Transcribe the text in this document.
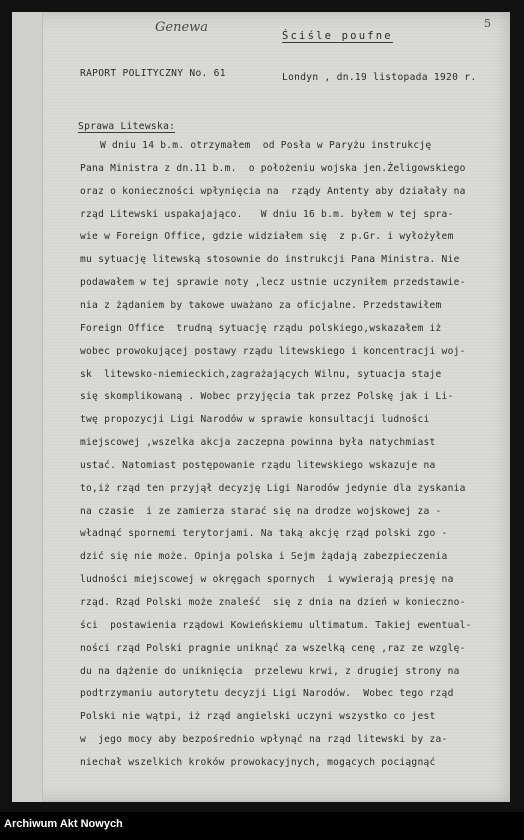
Genewa
Ściśle poufne
5
RAPORT POLITYCZNY No. 61	Londyn , dn.19 listopada 1920 r.
Sprawa Litewska:
W dniu 14 b.m. otrzymałem  od Posła w Paryżu instrukcję
Pana Ministra z dn.11 b.m.  o położeniu wojska jen.Żeligowskiego
oraz o konieczności wpłynięcia na  rządy Antenty aby działały na
rząd Litewski uspakajająco.   W dniu 16 b.m. byłem w tej spra-
wie w Foreign Office, gdzie widziałem się  z p.Gr. i wyłożyłem
mu sytuację litewską stosownie do instrukcji Pana Ministra. Nie
podawałem w tej sprawie noty ,lecz ustnie uczyniłem przedstawie-
nia z żądaniem by takowe uważano za oficjalne. Przedstawiłem
Foreign Office  trudną sytuację rządu polskiego,wskazałem iż
wobec prowokującej postawy rządu litewskiego i koncentracji woj-
sk  litewsko-niemieckich,zagrażających Wilnu, sytuacja staje
się skomplikowaną . Wobec przyjęcia tak przez Polskę jak i Li-
twę propozycji Ligi Narodów w sprawie konsultacji ludności
miejscowej ,wszelka akcja zaczepna powinna była natychmiast
ustać. Natomiast postępowanie rządu litewskiego wskazuje na
to,iż rząd ten przyjął decyzję Ligi Narodów jedynie dla zyskania
na czasie  i ze zamierza starać się na drodze wojskowej za -
władnąć spornemi terytorjami. Na taką akcję rząd polski zgo -
dzić się nie może. Opinja polska i Sejm żądają zabezpieczenia
ludności miejscowej w okręgach spornych  i wywierają presję na
rząd. Rząd Polski może znaleść  się z dnia na dzień w konieczno-
ści  postawienia rządowi Kowieńskiemu ultimatum. Takiej ewentual-
ności rząd Polski pragnie uniknąć za wszelką cenę ,raz ze wzglę-
du na dążenie do uniknięcia  przelewu krwi, z drugiej strony na
podtrzymaniu autorytetu decyzji Ligi Narodów.  Wobec tego rząd
Polski nie wątpi, iż rząd angielski uczyni wszystko co jest
w  jego mocy aby bezpośrednio wpłynąć na rząd litewski by za-
niechał wszelkich kroków prowokacyjnych, mogących pociągnąć
Archiwum Akt Nowych
